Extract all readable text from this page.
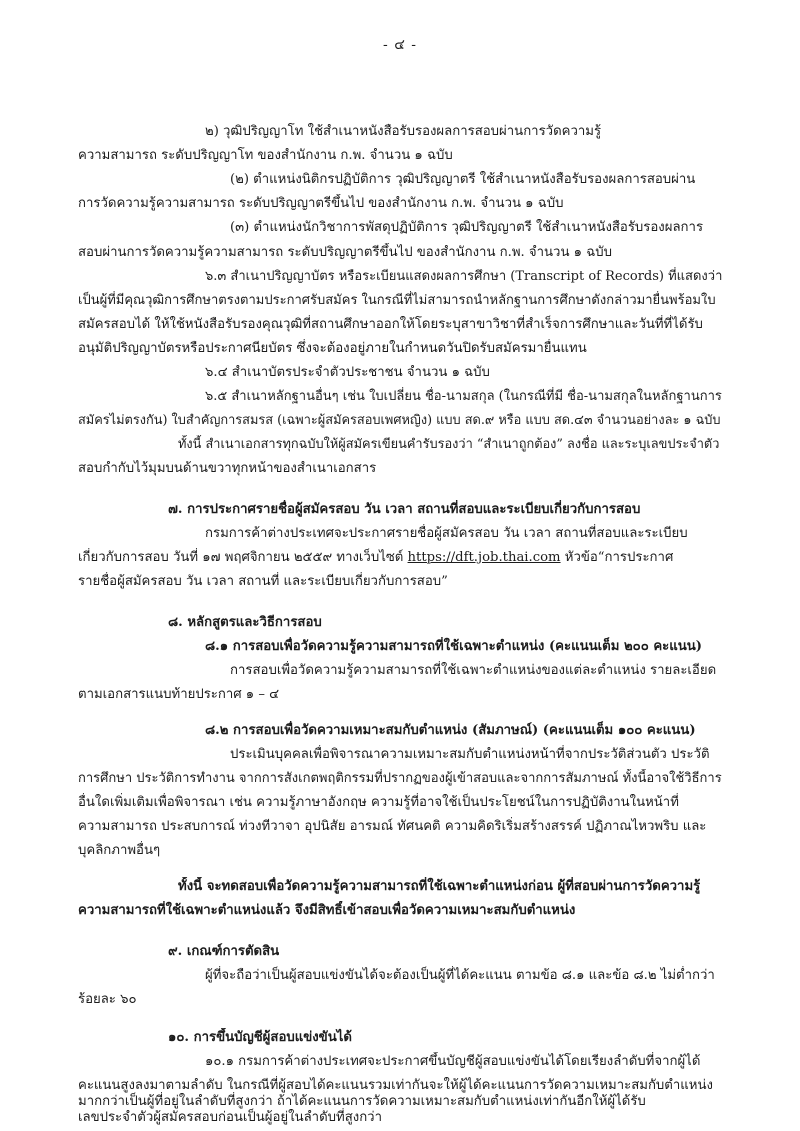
- ๔ -
๒) วุฒิปริญญาโท ใช้สำเนาหนังสือรับรองผลการสอบผ่านการวัดความรู้
ความสามารถ ระดับปริญญาโท ของสำนักงาน ก.พ. จำนวน ๑ ฉบับ
(๒) ตำแหน่งนิติกรปฏิบัติการ วุฒิปริญญาตรี ใช้สำเนาหนังสือรับรองผลการสอบผ่าน
การวัดความรู้ความสามารถ ระดับปริญญาตรีขึ้นไป ของสำนักงาน ก.พ. จำนวน ๑ ฉบับ
(๓) ตำแหน่งนักวิชาการพัสดุปฏิบัติการ วุฒิปริญญาตรี ใช้สำเนาหนังสือรับรองผลการ
สอบผ่านการวัดความรู้ความสามารถ ระดับปริญญาตรีขึ้นไป ของสำนักงาน ก.พ. จำนวน ๑ ฉบับ
๖.๓ สำเนาปริญญาบัตร หรือระเบียนแสดงผลการศึกษา (Transcript of Records) ที่แสดงว่า
เป็นผู้ที่มีคุณวุฒิการศึกษาตรงตามประกาศรับสมัคร ในกรณีที่ไม่สามารถนำหลักฐานการศึกษาดังกล่าวมายื่นพร้อมใบ
สมัครสอบได้ ให้ใช้หนังสือรับรองคุณวุฒิที่สถานศึกษาออกให้โดยระบุสาขาวิชาที่สำเร็จการศึกษาและวันที่ที่ได้รับ
อนุมัติปริญญาบัตรหรือประกาศนียบัตร ซึ่งจะต้องอยู่ภายในกำหนดวันปิดรับสมัครมายื่นแทน
๖.๔ สำเนาบัตรประจำตัวประชาชน จำนวน ๑ ฉบับ
๖.๕ สำเนาหลักฐานอื่นๆ เช่น ใบเปลี่ยน ชื่อ-นามสกุล (ในกรณีที่มี ชื่อ-นามสกุลในหลักฐานการ
สมัครไม่ตรงกัน) ใบสำคัญการสมรส (เฉพาะผู้สมัครสอบเพศหญิง) แบบ สด.๙ หรือ แบบ สด.๔๓ จำนวนอย่างละ ๑ ฉบับ
ทั้งนี้ สำเนาเอกสารทุกฉบับให้ผู้สมัครเขียนคำรับรองว่า “สำเนาถูกต้อง” ลงชื่อ และระบุเลขประจำตัว
สอบกำกับไว้มุมบนด้านขวาทุกหน้าของสำเนาเอกสาร
๗. การประกาศรายชื่อผู้สมัครสอบ วัน เวลา สถานที่สอบและระเบียบเกี่ยวกับการสอบ
กรมการค้าต่างประเทศจะประกาศรายชื่อผู้สมัครสอบ วัน เวลา สถานที่สอบและระเบียบ
เกี่ยวกับการสอบ วันที่ ๑๗ พฤศจิกายน ๒๕๕๙ ทางเว็บไซต์ https://dft.job.thai.com หัวข้อ“การประกาศ
รายชื่อผู้สมัครสอบ วัน เวลา สถานที่ และระเบียบเกี่ยวกับการสอบ”
๘. หลักสูตรและวิธีการสอบ
๘.๑ การสอบเพื่อวัดความรู้ความสามารถที่ใช้เฉพาะตำแหน่ง (คะแนนเต็ม ๒๐๐ คะแนน)
การสอบเพื่อวัดความรู้ความสามารถที่ใช้เฉพาะตำแหน่งของแต่ละตำแหน่ง รายละเอียด
ตามเอกสารแนบท้ายประกาศ ๑ – ๔
๘.๒ การสอบเพื่อวัดความเหมาะสมกับตำแหน่ง (สัมภาษณ์) (คะแนนเต็ม ๑๐๐ คะแนน)
ประเมินบุคคลเพื่อพิจารณาความเหมาะสมกับตำแหน่งหน้าที่จากประวัติส่วนตัว ประวัติ
การศึกษา ประวัติการทำงาน จากการสังเกตพฤติกรรมที่ปรากฏของผู้เข้าสอบและจากการสัมภาษณ์ ทั้งนี้อาจใช้วิธีการ
อื่นใดเพิ่มเติมเพื่อพิจารณา เช่น ความรู้ภาษาอังกฤษ ความรู้ที่อาจใช้เป็นประโยชน์ในการปฏิบัติงานในหน้าที่
ความสามารถ ประสบการณ์ ท่วงทีวาจา อุปนิสัย อารมณ์ ทัศนคติ ความคิดริเริ่มสร้างสรรค์ ปฏิภาณไหวพริบ และ
บุคลิกภาพอื่นๆ
ทั้งนี้ จะทดสอบเพื่อวัดความรู้ความสามารถที่ใช้เฉพาะตำแหน่งก่อน ผู้ที่สอบผ่านการวัดความรู้
ความสามารถที่ใช้เฉพาะตำแหน่งแล้ว จึงมีสิทธิ์เข้าสอบเพื่อวัดความเหมาะสมกับตำแหน่ง
๙. เกณฑ์การตัดสิน
ผู้ที่จะถือว่าเป็นผู้สอบแข่งขันได้จะต้องเป็นผู้ที่ได้คะแนน ตามข้อ ๘.๑ และข้อ ๘.๒ ไม่ต่ำกว่า
ร้อยละ ๖๐
๑๐. การขึ้นบัญชีผู้สอบแข่งขันได้
๑๐.๑ กรมการค้าต่างประเทศจะประกาศขึ้นบัญชีผู้สอบแข่งขันได้โดยเรียงลำดับที่จากผู้ได้
คะแนนสูงลงมาตามลำดับ ในกรณีที่ผู้สอบได้คะแนนรวมเท่ากันจะให้ผู้ได้คะแนนการวัดความเหมาะสมกับตำแหน่ง
มากกว่าเป็นผู้ที่อยู่ในลำดับที่สูงกว่า ถ้าได้คะแนนการวัดความเหมาะสมกับตำแหน่งเท่ากันอีกให้ผู้ได้รับ
เลขประจำตัวผู้สมัครสอบก่อนเป็นผู้อยู่ในลำดับที่สูงกว่า
